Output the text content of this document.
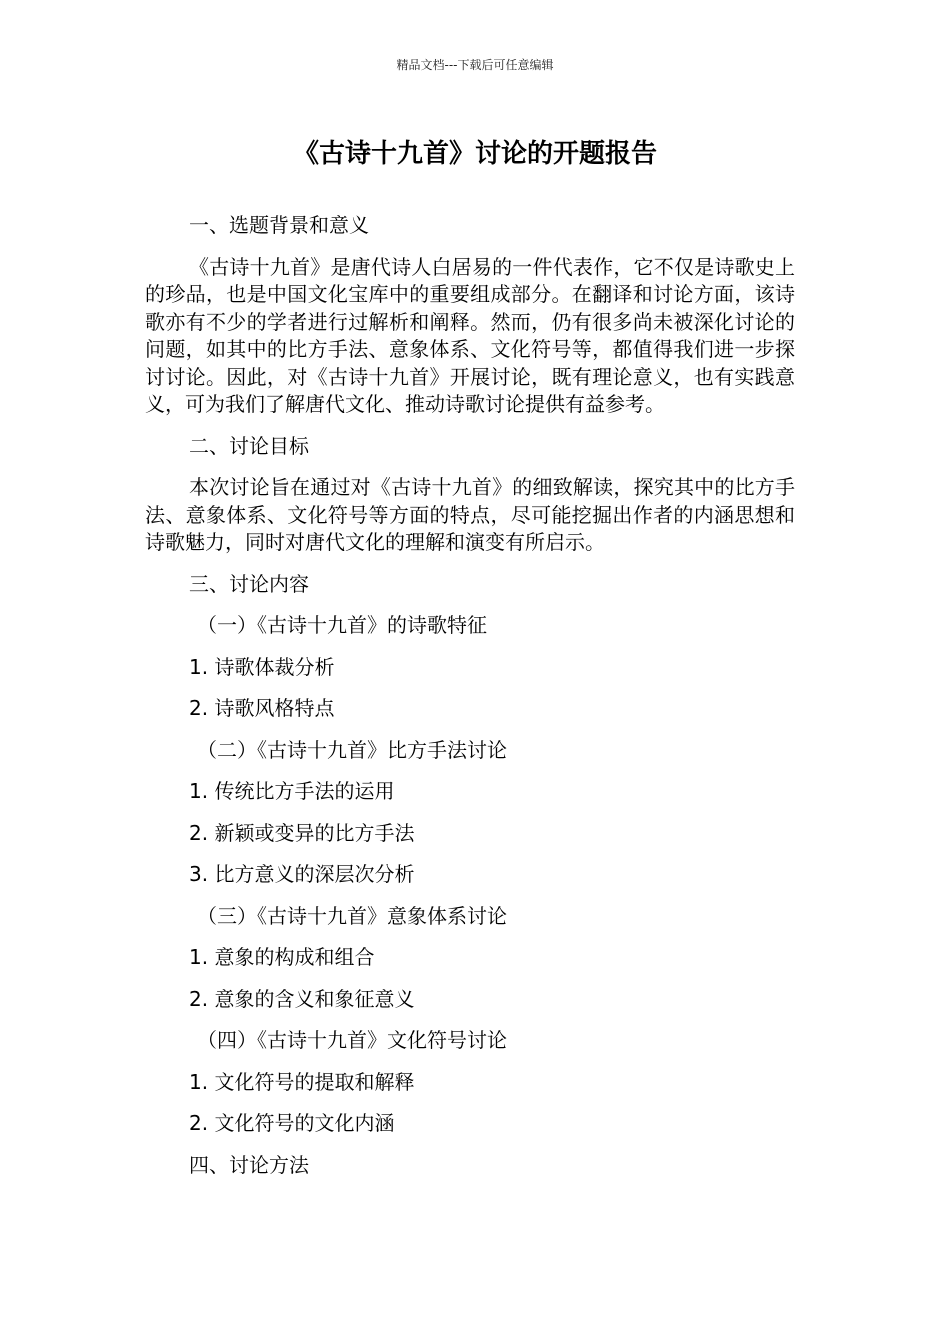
精品文档---下载后可任意编辑
《古诗十九首》讨论的开题报告

一、选题背景和意义

《古诗十九首》是唐代诗人白居易的一件代表作，它不仅是诗歌史上的珍品，也是中国文化宝库中的重要组成部分。在翻译和讨论方面，该诗歌亦有不少的学者进行过解析和阐释。然而，仍有很多尚未被深化讨论的问题，如其中的比方手法、意象体系、文化符号等，都值得我们进一步探讨讨论。因此，对《古诗十九首》开展讨论，既有理论意义，也有实践意义，可为我们了解唐代文化、推动诗歌讨论提供有益参考。

二、讨论目标

本次讨论旨在通过对《古诗十九首》的细致解读，探究其中的比方手法、意象体系、文化符号等方面的特点，尽可能挖掘出作者的内涵思想和诗歌魅力，同时对唐代文化的理解和演变有所启示。

三、讨论内容

（一）《古诗十九首》的诗歌特征

1. 诗歌体裁分析

2. 诗歌风格特点

（二）《古诗十九首》比方手法讨论

1. 传统比方手法的运用

2. 新颖或变异的比方手法

3. 比方意义的深层次分析

（三）《古诗十九首》意象体系讨论

1. 意象的构成和组合

2. 意象的含义和象征意义

（四）《古诗十九首》文化符号讨论

1. 文化符号的提取和解释

2. 文化符号的文化内涵

四、讨论方法
